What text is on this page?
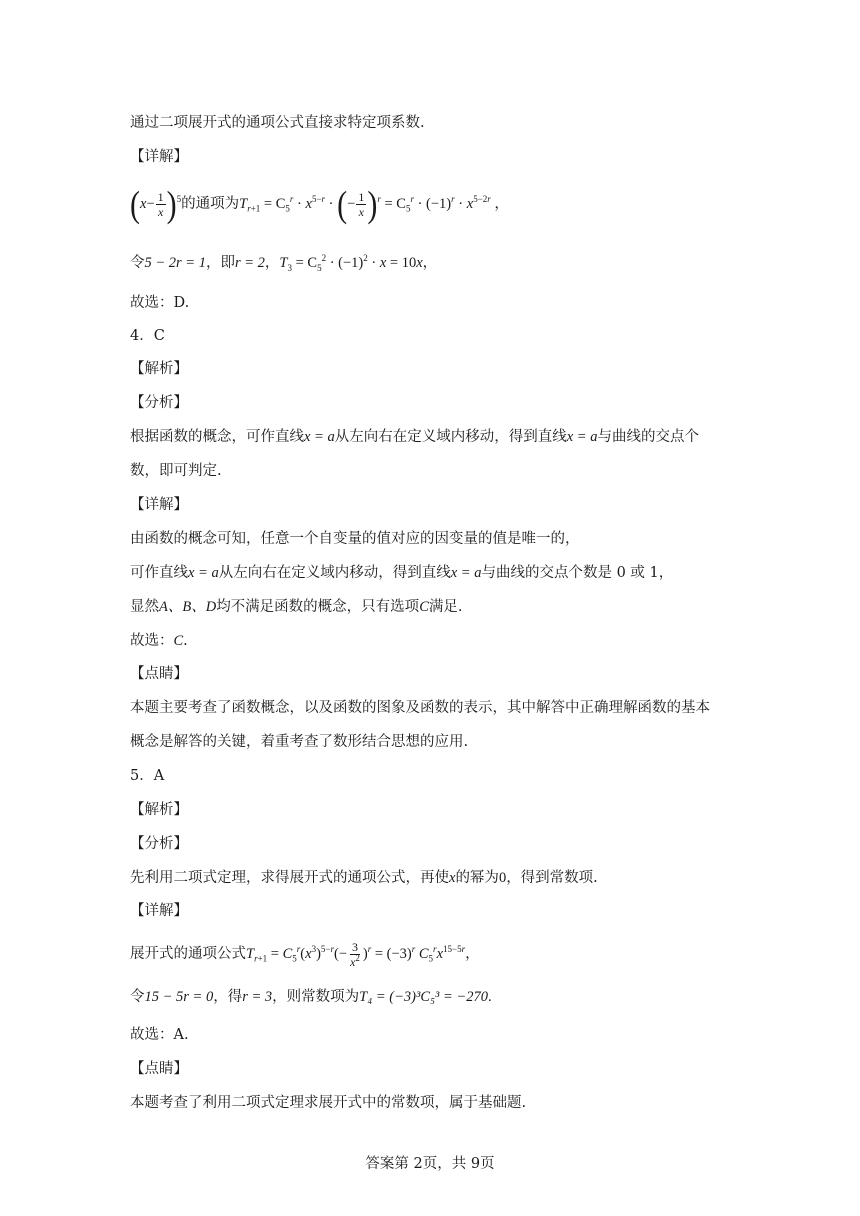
通过二项展开式的通项公式直接求特定项系数.
【详解】
$(x- \frac{1}{x} )^5$的通项为$T_{r+1} = C_5^r \cdot x^{5-r}$ · (− $\frac{1}{x} )^r = C_5^r \cdot (-1)^r \cdot x^{5-2r}$ ，
令5 − 2r = 1，即r = 2，$T_3 = C_5^2 \cdot (-1)^2 \cdot x = 10x$，
故选：D.
4．C
【解析】
【分析】
根据函数的概念，可作直线x = a从左向右在定义域内移动，得到直线x = a与曲线的交点个
数，即可判定.
【详解】
由函数的概念可知，任意一个自变量的值对应的因变量的值是唯一的，
可作直线x = a从左向右在定义域内移动，得到直线x = a与曲线的交点个数是 0 或 1，
显然A、B、D均不满足函数的概念，只有选项C满足.
故选：C.
【点睛】
本题主要考查了函数概念，以及函数的图象及函数的表示，其中解答中正确理解函数的基本
概念是解答的关键，着重考查了数形结合思想的应用.
5．A
【解析】
【分析】
先利用二项式定理，求得展开式的通项公式，再使x的幂为0，得到常数项.
【详解】
展开式的通项公式$T_{r+1} = C_5^r(x^3)^{5-r}(- \frac{3}{x^2} )^r = (-3)^r$ $C_5^rx^{15-5r}$，
令15 − 5r = 0，得r = 3，则常数项为T₄ = (−3)³C₅³ = −270.
故选：A.
【点睛】
本题考查了利用二项式定理求展开式中的常数项，属于基础题.
答案第 2页，共 9页
